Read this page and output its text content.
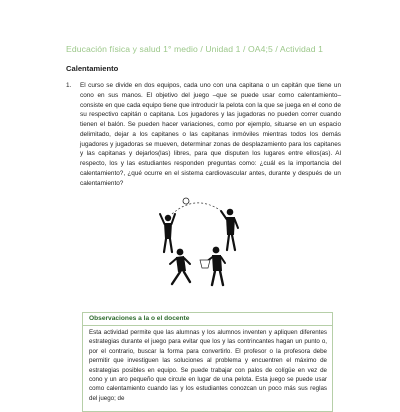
Educación física y salud 1° medio / Unidad 1 / OA4;5 / Actividad 1
Calentamiento
1. El curso se divide en dos equipos, cada uno con una capitana o un capitán que tiene un cono en sus manos. El objetivo del juego –que se puede usar como calentamiento– consiste en que cada equipo tiene que introducir la pelota con la que se juega en el cono de su respectivo capitán o capitana. Los jugadores y las jugadoras no pueden correr cuando tienen el balón. Se pueden hacer variaciones, como por ejemplo, situarse en un espacio delimitado, dejar a los capitanes o las capitanas inmóviles mientras todos los demás jugadores y jugadoras se mueven, determinar zonas de desplazamiento para los capitanes y las capitanas y dejarlos(las) libres, para que disputen los lugares entre ellos(as). Al respecto, los y las estudiantes responden preguntas como: ¿cuál es la importancia del calentamiento?, ¿qué ocurre en el sistema cardiovascular antes, durante y después de un calentamiento?
Observaciones a la o el docente
Esta actividad permite que las alumnas y los alumnos inventen y apliquen diferentes estrategias durante el juego para evitar que los y las contrincantes hagan un punto o, por el contrario, buscar la forma para convertirlo. El profesor o la profesora debe permitir que investiguen las soluciones al problema y encuentren el máximo de estrategias posibles en equipo. Se puede trabajar con palos de colígüe en vez de cono y un aro pequeño que circule en lugar de una pelota. Esta juego se puede usar como calentamiento cuando las y los estudiantes conozcan un poco más sus reglas del juego; de
